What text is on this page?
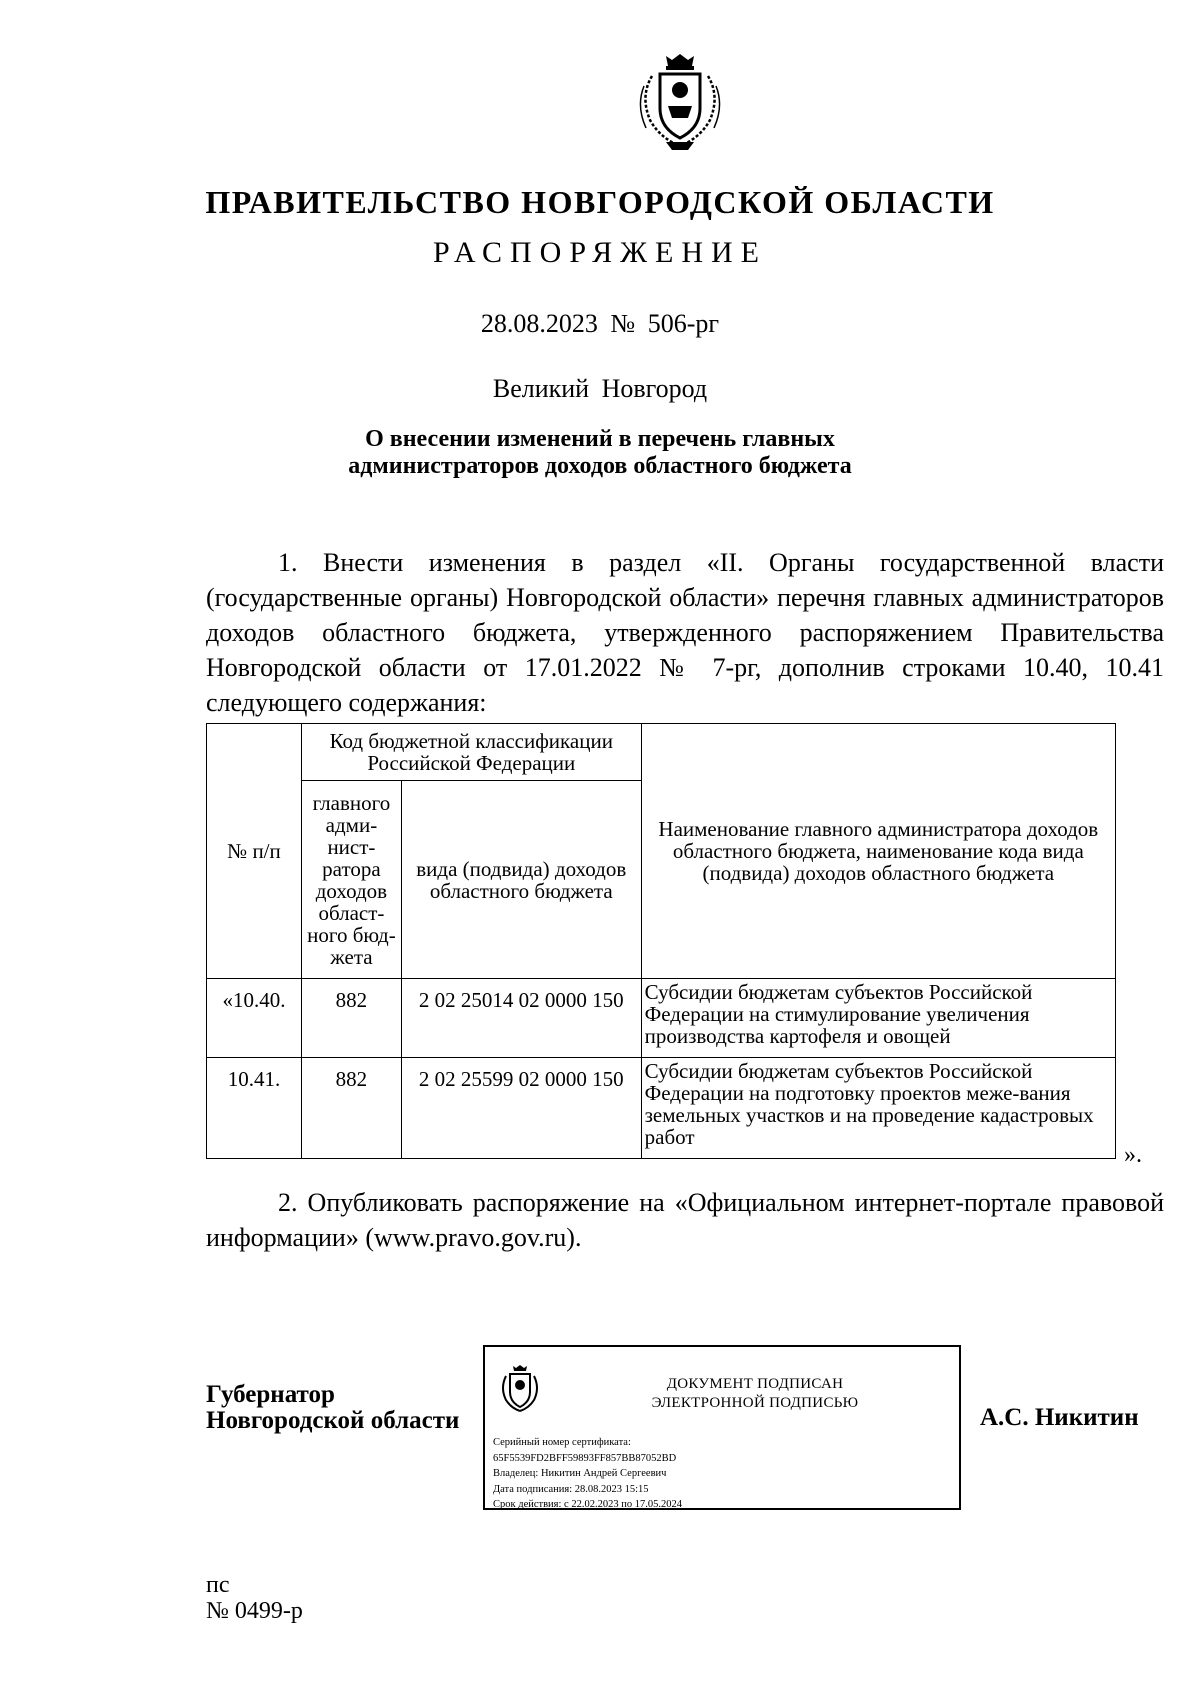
ПРАВИТЕЛЬСТВО НОВГОРОДСКОЙ ОБЛАСТИ
РАСПОРЯЖЕНИЕ
28.08.2023 № 506-рг
Великий Новгород
О внесении изменений в перечень главных
администраторов доходов областного бюджета
1. Внести изменения в раздел «II. Органы государственной власти (государственные органы) Новгородской области» перечня главных администраторов доходов областного бюджета, утвержденного распоряжением Правительства Новгородской области от 17.01.2022 № 7-рг, дополнив строками 10.40, 10.41 следующего содержания:
№ п/п	Код бюджетной классификации Российской Федерации		Наименование главного администратора доходов областного бюджета, наименование кода вида (подвида) доходов областного бюджета
	главного адми-нист-ратора доходов област-ного бюд-жета	вида (подвида) доходов областного бюджета	
«10.40.	882	2 02 25014 02 0000 150	Субсидии бюджетам субъектов Российской Федерации на стимулирование увеличения производства картофеля и овощей
10.41.	882	2 02 25599 02 0000 150	Субсидии бюджетам субъектов Российской Федерации на подготовку проектов меже-вания земельных участков и на проведение кадастровых работ
».
2. Опубликовать распоряжение на «Официальном интернет-портале правовой информации» (www.pravo.gov.ru).
Губернатор
Новгородской области
ДОКУМЕНТ ПОДПИСАН
ЭЛЕКТРОННОЙ ПОДПИСЬЮ
Серийный номер сертификата:
65F5539FD2BFF59893FF857BB87052BD
Владелец: Никитин Андрей Сергеевич
Дата подписания: 28.08.2023 15:15
Срок действия: с 22.02.2023 по 17.05.2024
А.С. Никитин
пс
№ 0499-р
